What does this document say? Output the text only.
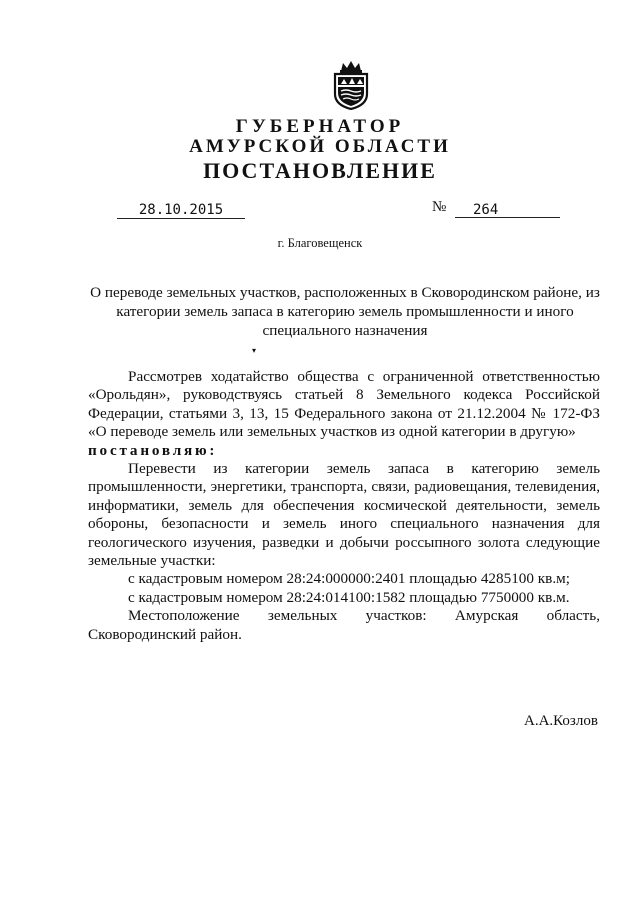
ГУБЕРНАТОР
АМУРСКОЙ ОБЛАСТИ
ПОСТАНОВЛЕНИЕ
28.10.2015	№	264
г. Благовещенск
О переводе земельных участков, расположенных в Сковородинском районе, из
категории земель запаса в категорию земель промышленности и иного
специального назначения
▾

Рассмотрев ходатайство общества с ограниченной ответственностью

«Орольдян», руководствуясь статьей 8 Земельного кодекса Российской

Федерации, статьями 3, 13, 15 Федерального закона от 21.12.2004 № 172-ФЗ

«О переводе земель или земельных участков из одной категории в другую»

постановляю:

Перевести из категории земель запаса в категорию земель

промышленности, энергетики, транспорта, связи, радиовещания, телевидения,

информатики, земель для обеспечения космической деятельности, земель

обороны, безопасности и земель иного специального назначения для

геологического изучения, разведки и добычи россыпного золота следующие

земельные участки:

с кадастровым номером 28:24:000000:2401 площадью 4285100 кв.м;

с кадастровым номером 28:24:014100:1582 площадью 7750000 кв.м.

Местоположение земельных участков: Амурская область,

Сковородинский район.

А.А.Козлов
